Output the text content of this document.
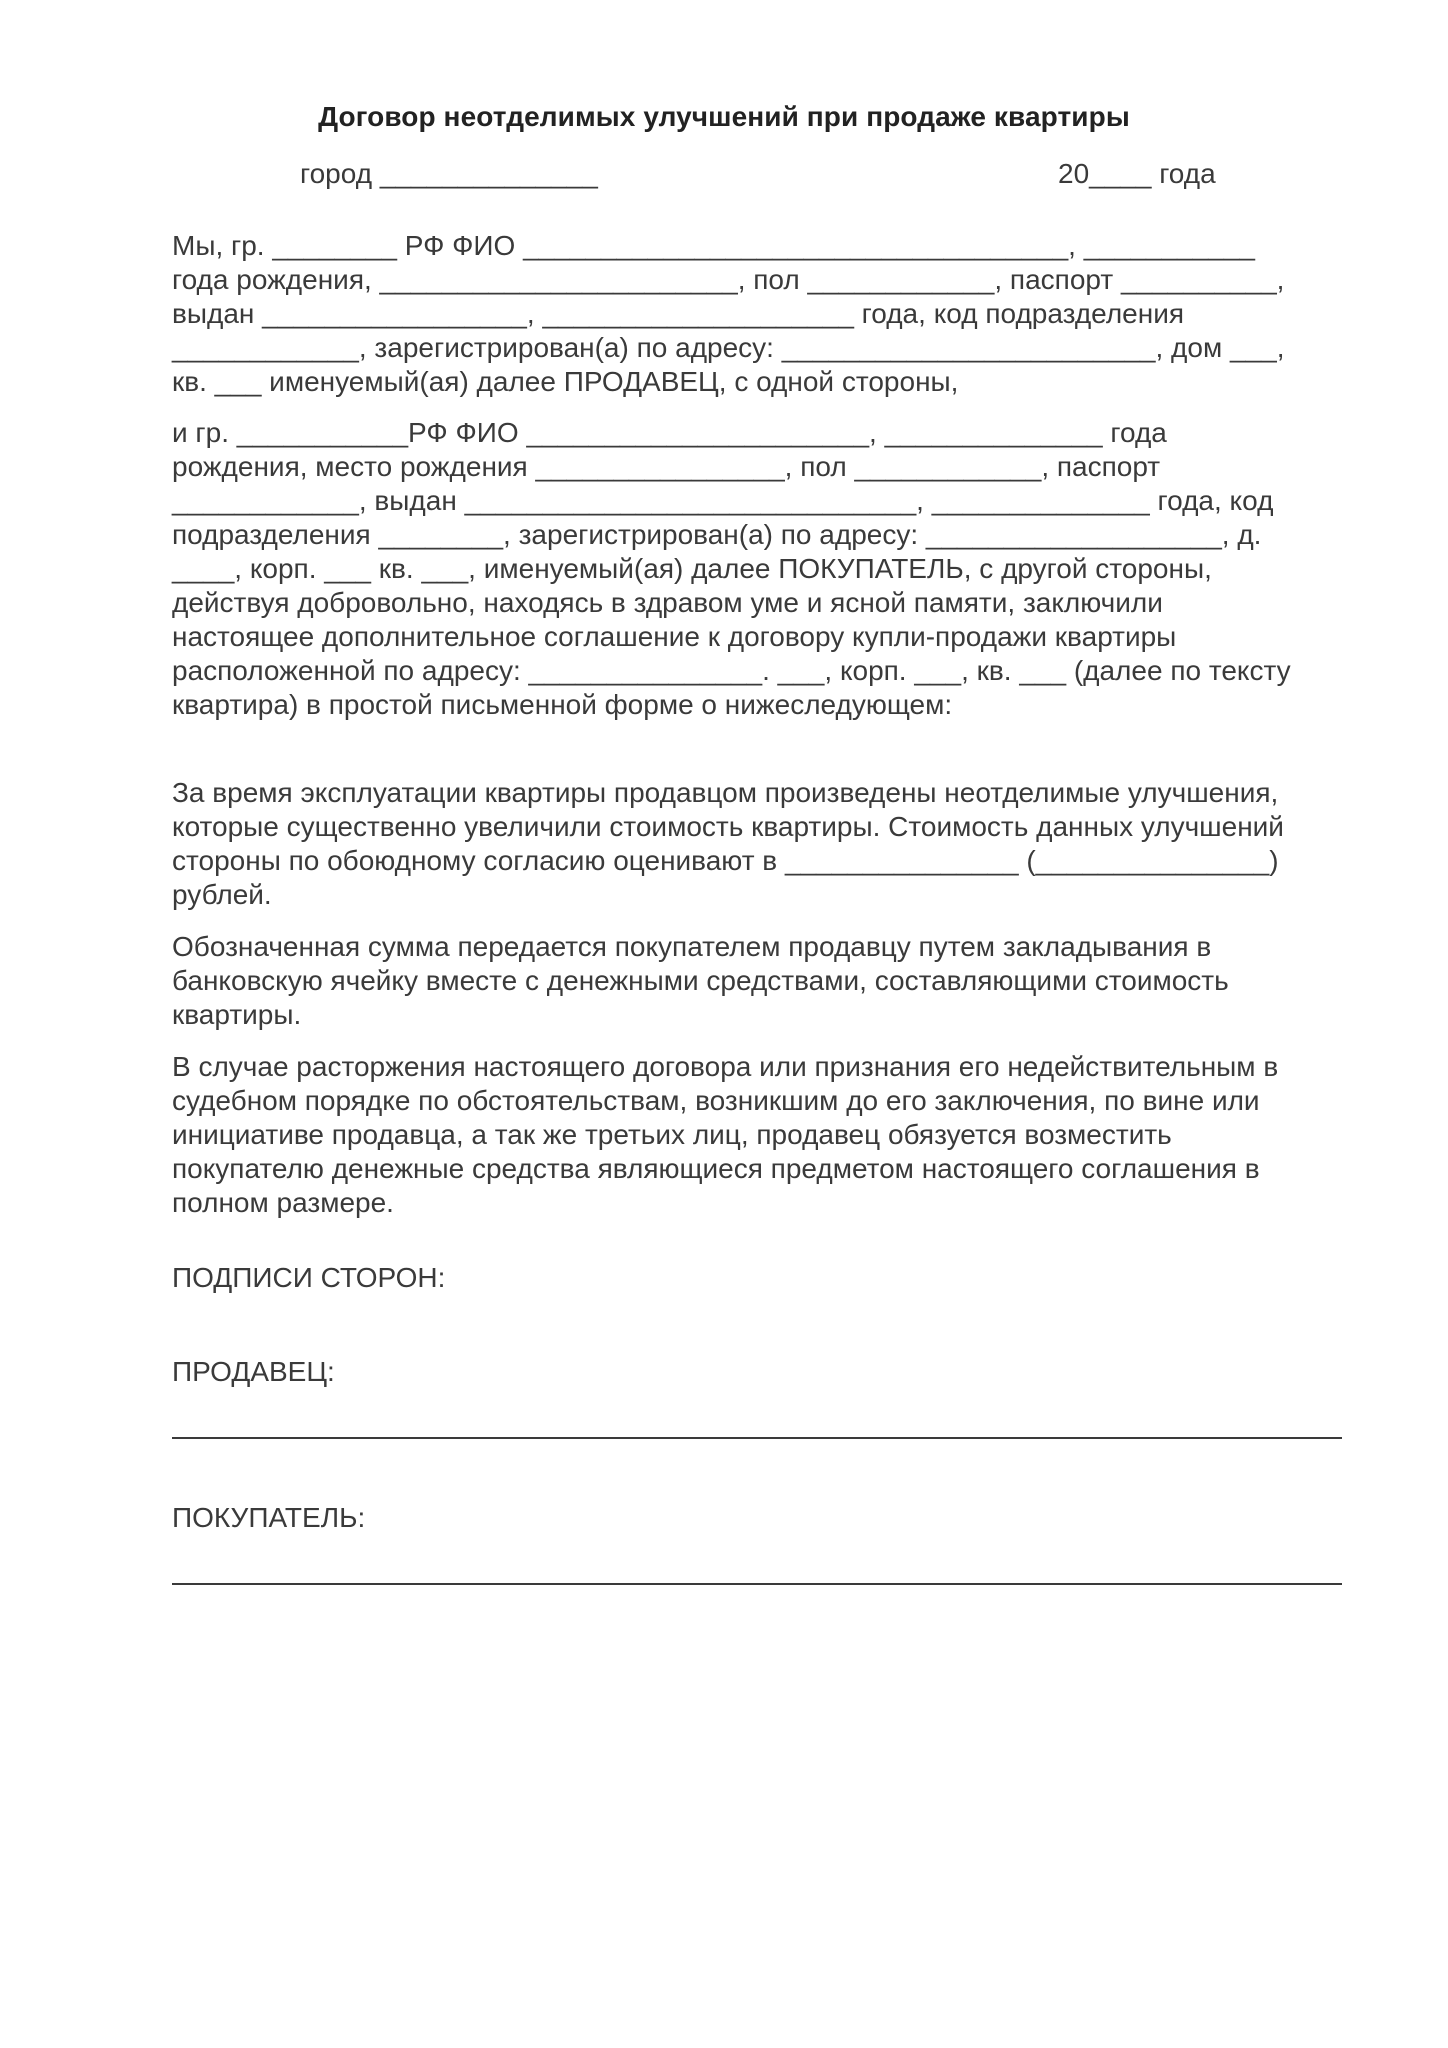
Договор неотделимых улучшений при продаже квартиры
город ______________	20____ года
Мы, гр. ________ РФ ФИО ___________________________________, ___________
года рождения, _______________________, пол ____________, паспорт __________,
выдан _________________, ____________________ года, код подразделения
____________, зарегистрирован(а) по адресу: ________________________, дом ___,
кв. ___ именуемый(ая) далее ПРОДАВЕЦ, с одной стороны,
и гр. ___________РФ ФИО ______________________, ______________ года
рождения, место рождения ________________, пол ____________, паспорт
____________, выдан _____________________________, ______________ года, код
подразделения ________, зарегистрирован(а) по адресу: ___________________, д.
____, корп. ___ кв. ___, именуемый(ая) далее ПОКУПАТЕЛЬ, с другой стороны,
действуя добровольно, находясь в здравом уме и ясной памяти, заключили
настоящее дополнительное соглашение к договору купли-продажи квартиры
расположенной по адресу: _______________. ___, корп. ___, кв. ___ (далее по тексту
квартира) в простой письменной форме о нижеследующем:
За время эксплуатации квартиры продавцом произведены неотделимые улучшения,
которые существенно увеличили стоимость квартиры. Стоимость данных улучшений
стороны по обоюдному согласию оценивают в _______________ (_______________)
рублей.
Обозначенная сумма передается покупателем продавцу путем закладывания в
банковскую ячейку вместе с денежными средствами, составляющими стоимость
квартиры.
В случае расторжения настоящего договора или признания его недействительным в
судебном порядке по обстоятельствам, возникшим до его заключения, по вине или
инициативе продавца, а так же третьих лиц, продавец обязуется возместить
покупателю денежные средства являющиеся предметом настоящего соглашения в
полном размере.
ПОДПИСИ СТОРОН:
ПРОДАВЕЦ:
ПОКУПАТЕЛЬ:
